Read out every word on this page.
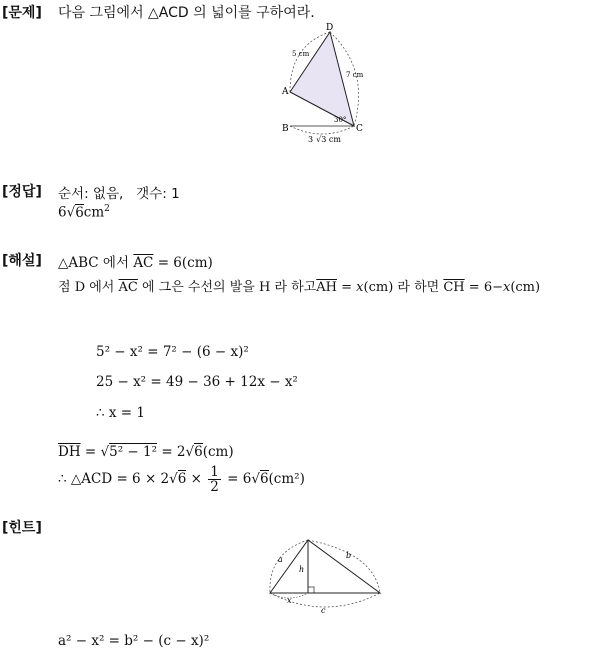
[문제] 다음 그림에서 △ACD 의 넓이를 구하여라.
D
A
B	C
5 cm
7 cm
30°
3 √3 cm
[정답] 순서: 없음, 갯수: 1
$6√6cm^2$
[해설] △ABC 에서 $\overline{AC} = 6(cm)$
점 D 에서 $\overline{AC}$ 에 그은 수선의 발을 H 라 하고$\overline{AH} = x(cm)$ 라 하면 $\overline{CH} = 6-x(cm)$
5² − x² = 7² − (6 − x)²
25 − x² = 49 − 36 + 12x − x²
∴ x = 1
$\overline{DH} = √5^2 - 1^2 = 2√6(cm)$
∴ △ACD = $6 \times 2√6 \times \frac{1}{2} = 6√6(cm^2)$
[힌트]
a	b
h
x
c
a² − x² = b² − (c − x)²
